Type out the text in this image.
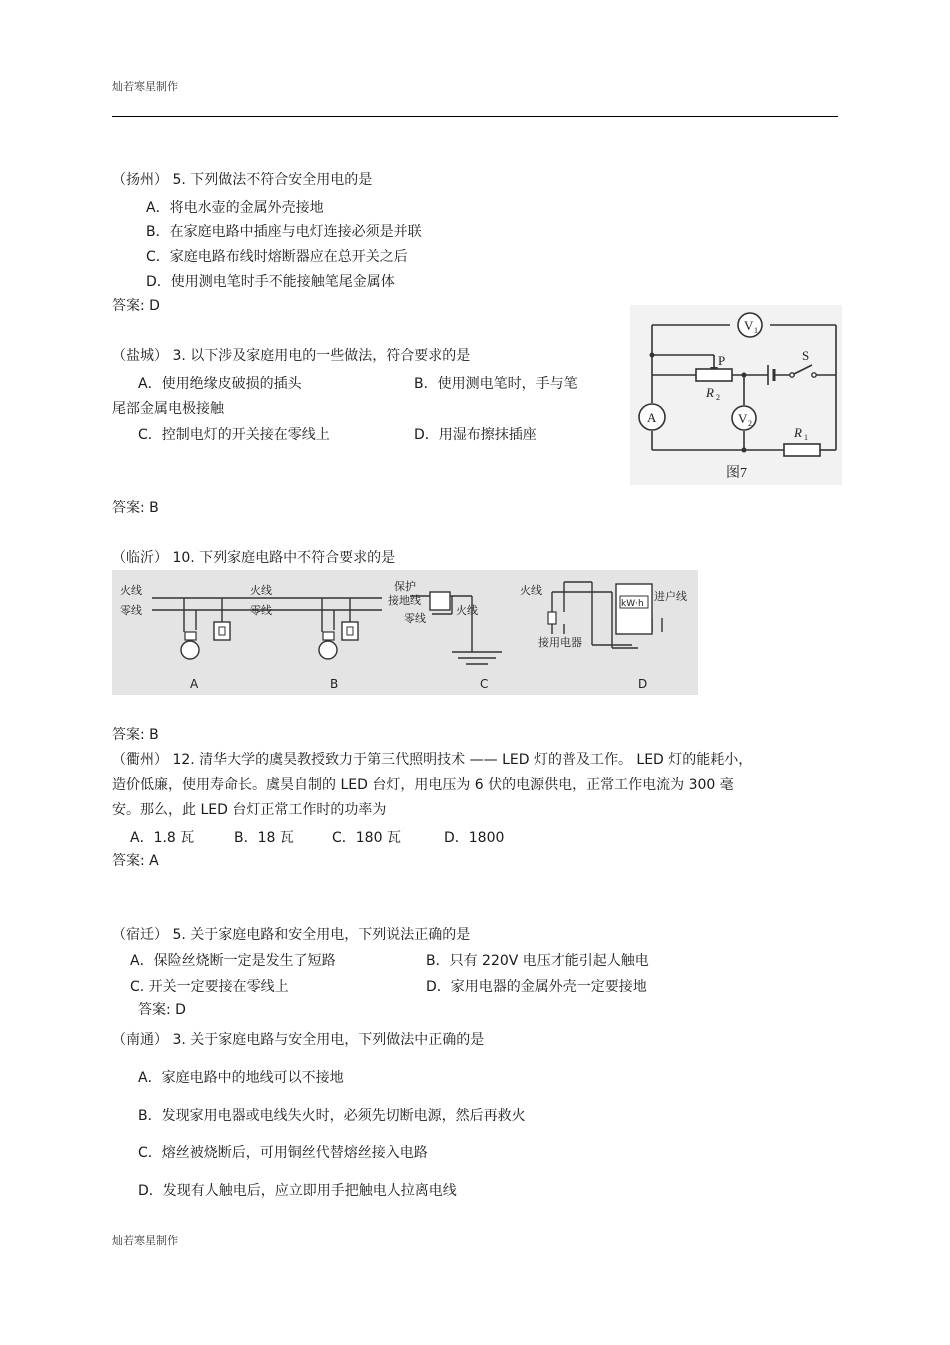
灿若寒星制作
（扬州） 5. 下列做法不符合安全用电的是
A．将电水壶的金属外壳接地
B．在家庭电路中插座与电灯连接必须是并联
C．家庭电路布线时熔断器应在总开关之后
D．使用测电笔时手不能接触笔尾金属体
答案: D
（盐城） 3. 以下涉及家庭用电的一些做法，符合要求的是
A．使用绝缘皮破损的插头	B．使用测电笔时，手与笔
尾部金属电极接触
C．控制电灯的开关接在零线上	D．用湿布擦抹插座
答案: B
V 1
V 2
A
P	S
R 2
R 1
图7
（临沂） 10. 下列家庭电路中不符合要求的是
火线
零线
火线
零线
保护
接地线
零线
火线
火线
接用电器
kW·h
进户线
A	B	C	D
答案: B
（衢州） 12. 清华大学的虞昊教授致力于第三代照明技术 —— LED 灯的普及工作。 LED 灯的能耗小，
造价低廉，使用寿命长。虞昊自制的 LED 台灯，用电压为 6 伏的电源供电，正常工作电流为 300 毫
安。那么，此 LED 台灯正常工作时的功率为
A．1.8 瓦	B．18 瓦	C．180 瓦	D．1800
答案: A
（宿迁） 5. 关于家庭电路和安全用电，下列说法正确的是
A．保险丝烧断一定是发生了短路	B．只有 220V 电压才能引起人触电
C. 开关一定要接在零线上	D．家用电器的金属外壳一定要接地
答案: D
（南通） 3. 关于家庭电路与安全用电，下列做法中正确的是
A．家庭电路中的地线可以不接地
B．发现家用电器或电线失火时，必须先切断电源，然后再救火
C．熔丝被烧断后，可用铜丝代替熔丝接入电路
D．发现有人触电后，应立即用手把触电人拉离电线
灿若寒星制作
